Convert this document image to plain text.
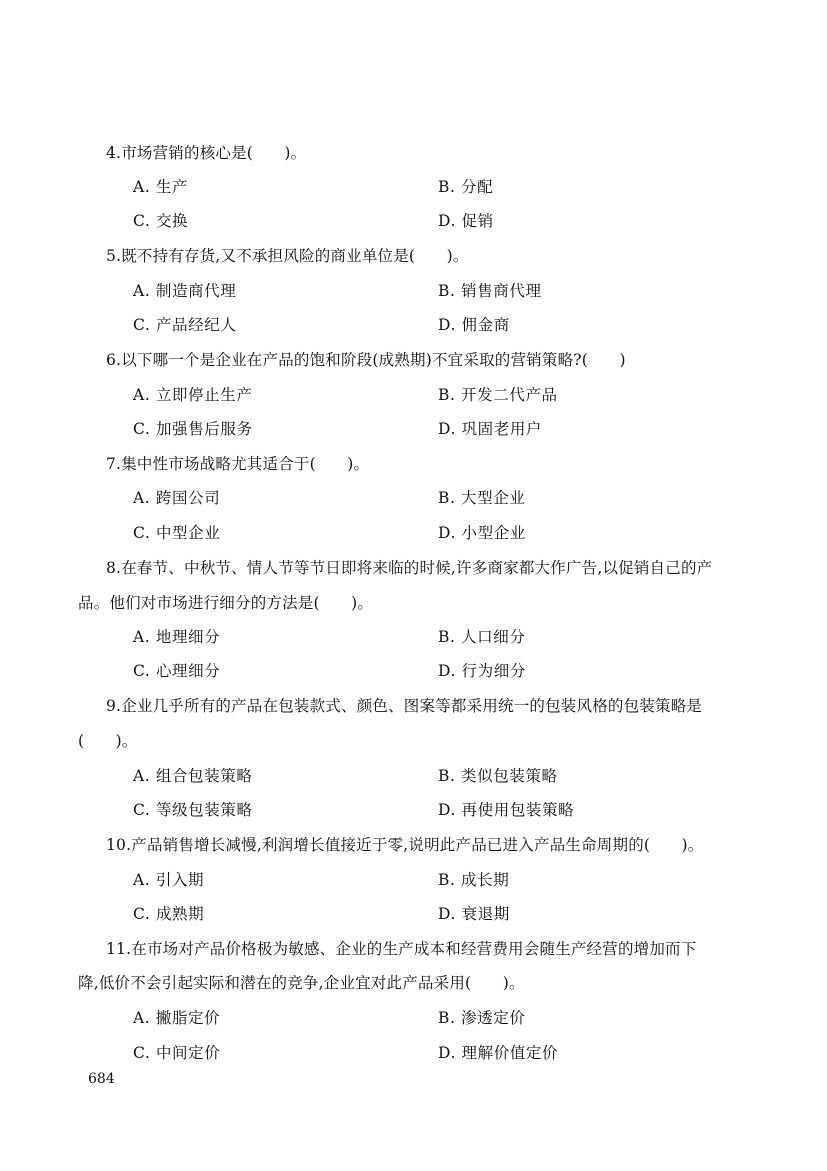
4.市场营销的核心是(　　)。
A. 生产	B. 分配
C. 交换	D. 促销
5.既不持有存货,又不承担风险的商业单位是(　　)。
A. 制造商代理	B. 销售商代理
C. 产品经纪人	D. 佣金商
6.以下哪一个是企业在产品的饱和阶段(成熟期)不宜采取的营销策略?(　　)
A. 立即停止生产	B. 开发二代产品
C. 加强售后服务	D. 巩固老用户
7.集中性市场战略尤其适合于(　　)。
A. 跨国公司	B. 大型企业
C. 中型企业	D. 小型企业
8.在春节、中秋节、情人节等节日即将来临的时候,许多商家都大作广告,以促销自己的产
品。他们对市场进行细分的方法是(　　)。
A. 地理细分	B. 人口细分
C. 心理细分	D. 行为细分
9.企业几乎所有的产品在包装款式、颜色、图案等都采用统一的包装风格的包装策略是
(　　)。
A. 组合包装策略	B. 类似包装策略
C. 等级包装策略	D. 再使用包装策略
10.产品销售增长减慢,利润增长值接近于零,说明此产品已进入产品生命周期的(　　)。
A. 引入期	B. 成长期
C. 成熟期	D. 衰退期
11.在市场对产品价格极为敏感、企业的生产成本和经营费用会随生产经营的增加而下
降,低价不会引起实际和潜在的竞争,企业宜对此产品采用(　　)。
A. 撇脂定价	B. 渗透定价
C. 中间定价	D. 理解价值定价
684
